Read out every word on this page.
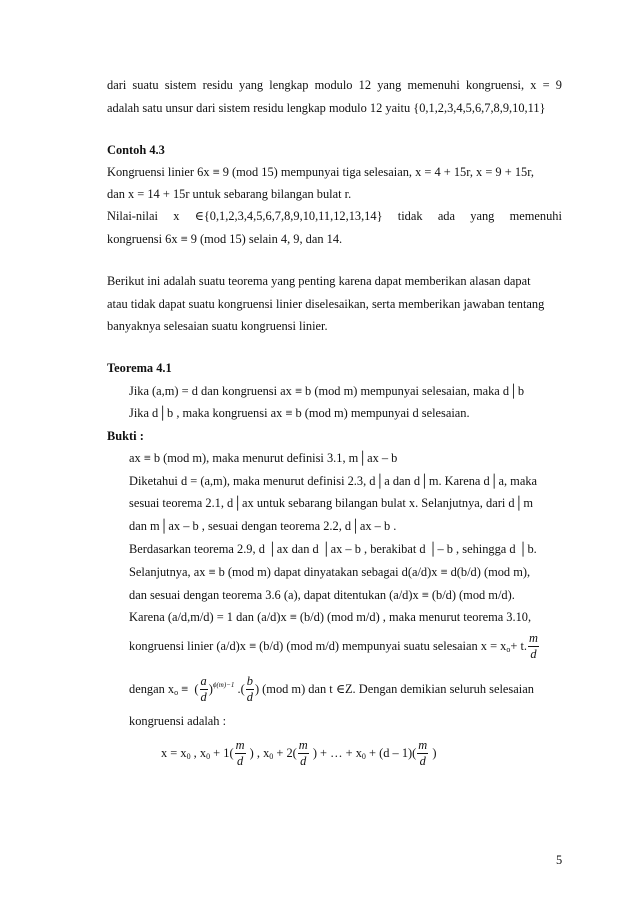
dari suatu sistem residu yang lengkap modulo 12 yang memenuhi kongruensi, x = 9
adalah satu unsur dari sistem residu lengkap modulo 12 yaitu {0,1,2,3,4,5,6,7,8,9,10,11}
Contoh 4.3
Kongruensi linier 6x ≡ 9 (mod 15) mempunyai tiga selesaian, x = 4 + 15r, x = 9 + 15r,
dan x = 14 + 15r untuk sebarang bilangan bulat r.
Nilai-nilai x ∈{0,1,2,3,4,5,6,7,8,9,10,11,12,13,14} tidak ada yang memenuhi
kongruensi 6x ≡ 9 (mod 15) selain 4, 9, dan 14.
Berikut ini adalah suatu teorema yang penting karena dapat memberikan alasan dapat
atau tidak dapat suatu kongruensi linier diselesaikan, serta memberikan jawaban tentang
banyaknya selesaian suatu kongruensi linier.
Teorema 4.1
Jika (a,m) = d dan kongruensi ax ≡ b (mod m) mempunyai selesaian, maka d│b
Jika d│b , maka kongruensi ax ≡ b (mod m) mempunyai d selesaian.
Bukti :
ax ≡ b (mod m), maka menurut definisi 3.1, m│ax – b
Diketahui d = (a,m), maka menurut definisi 2.3, d│a dan d│m. Karena d│a, maka
sesuai teorema 2.1, d│ax untuk sebarang bilangan bulat x. Selanjutnya, dari d│m
dan m│ax – b , sesuai dengan teorema 2.2, d│ax – b .
Berdasarkan teorema 2.9, d │ax dan d │ax – b , berakibat d │– b , sehingga d │b.
Selanjutnya, ax ≡ b (mod m) dapat dinyatakan sebagai d(a/d)x ≡ d(b/d) (mod m),
dan sesuai dengan teorema 3.6 (a), dapat ditentukan (a/d)x ≡ (b/d) (mod m/d).
Karena (a/d,m/d) = 1 dan (a/d)x ≡ (b/d) (mod m/d) , maka menurut teorema 3.10,
kongruensi linier (a/d)x ≡ (b/d) (mod m/d) mempunyai suatu selesaian $x = x_o+ t$. $\frac{m}{d}$
dengan $x_o$ ≡  ( $\frac{a}{d} )^{\phi(m)-1}$ .( $\frac{b}{d}$ ) (mod m) dan t ∈Z. Dengan demikian seluruh selesaian
kongruensi adalah :
$x = x_0$ , $x_0 + 1( \frac{m}{d}$ ) , $x_0 + 2( \frac{m}{d}$ ) + … + $x_0 + (d - 1)( \frac{m}{d}$ )
5
